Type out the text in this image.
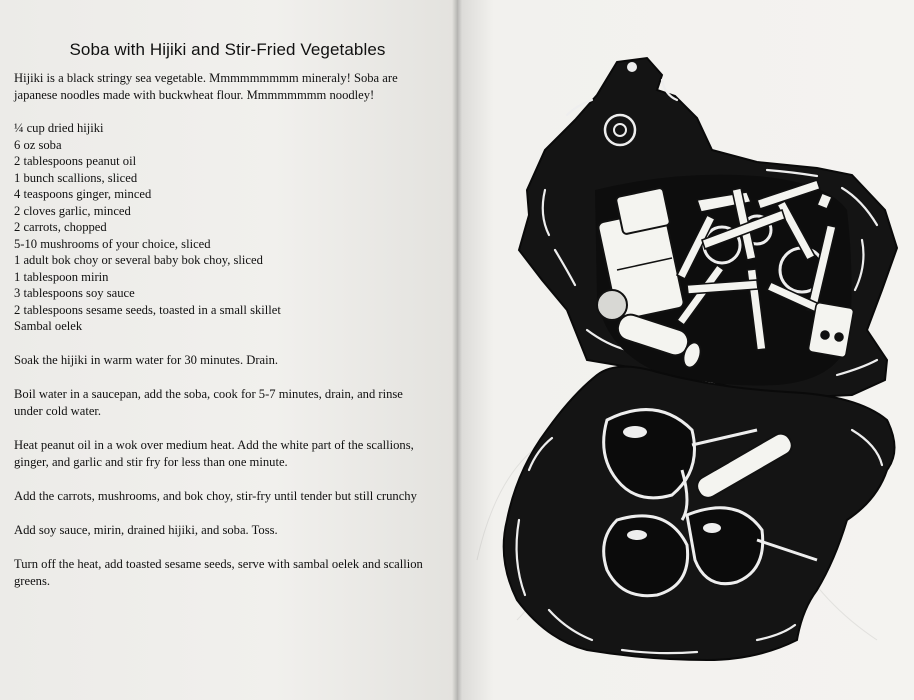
Soba with Hijiki and Stir-Fried Vegetables

Hijiki is a black stringy sea vegetable. Mmmmmmmmm mineraly! Soba are japanese noodles made with buckwheat flour. Mmmmmmmm noodley!

¼ cup dried hijiki
6 oz soba
2 tablespoons peanut oil
1 bunch scallions, sliced
4 teaspoons ginger, minced
2 cloves garlic, minced
2 carrots, chopped
5-10 mushrooms of your choice, sliced
1 adult bok choy or several baby bok choy, sliced
1 tablespoon mirin
3 tablespoons soy sauce
2 tablespoons sesame seeds, toasted in a small skillet
Sambal oelek

Soak the hijiki in warm water for 30 minutes. Drain.

Boil water in a saucepan, add the soba, cook for 5-7 minutes, drain, and rinse under cold water.

Heat peanut oil in a wok over medium heat. Add the white part of the scallions, ginger, and garlic and stir fry for less than one minute.

Add the carrots, mushrooms, and bok choy, stir-fry until tender but still crunchy

Add soy sauce, mirin, drained hijiki, and soba. Toss.

Turn off the heat, add toasted sesame seeds, serve with sambal oelek and scallion greens.
